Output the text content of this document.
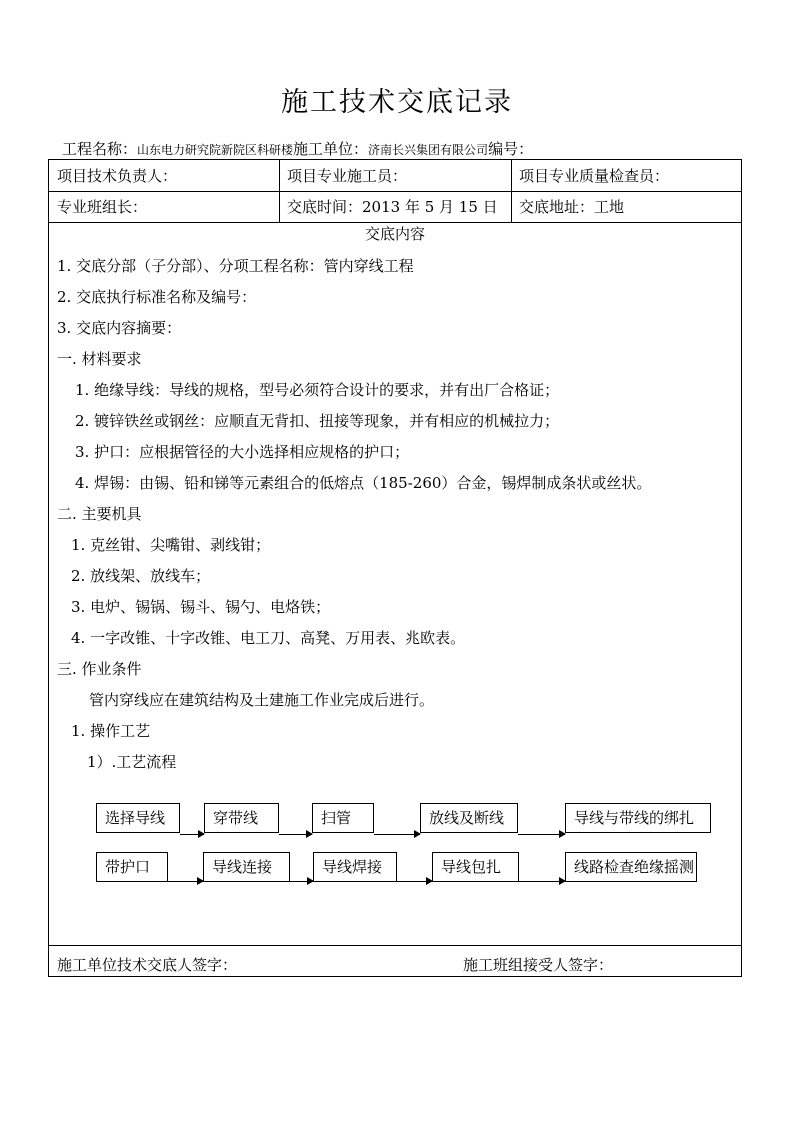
施工技术交底记录
工程名称：山东电力研究院新院区科研楼施工单位：济南长兴集团有限公司编号：
项目技术负责人：	项目专业施工员：	项目专业质量检查员：
专业班组长：	交底时间：2013 年 5 月 15 日 交底地址：工地
交底内容
1. 交底分部（子分部）、分项工程名称：管内穿线工程
2. 交底执行标准名称及编号：
3. 交底内容摘要：
一. 材料要求
1. 绝缘导线：导线的规格，型号必须符合设计的要求，并有出厂合格证；
2. 镀锌铁丝或钢丝：应顺直无背扣、扭接等现象，并有相应的机械拉力；
3. 护口：应根据管径的大小选择相应规格的护口；
4. 焊锡：由锡、铅和锑等元素组合的低熔点（185-260）合金，锡焊制成条状或丝状。
二. 主要机具
1. 克丝钳、尖嘴钳、剥线钳；
2. 放线架、放线车；
3. 电炉、锡锅、锡斗、锡勺、电烙铁；
4. 一字改锥、十字改锥、电工刀、高凳、万用表、兆欧表。
三. 作业条件
管内穿线应在建筑结构及土建施工作业完成后进行。
1. 操作工艺
1）.工艺流程
选择导线	穿带线	扫管	放线及断线	导线与带线的绑扎
带护口	导线连接	导线焊接	导线包扎	线路检查绝缘摇测
施工单位技术交底人签字：	施工班组接受人签字：
